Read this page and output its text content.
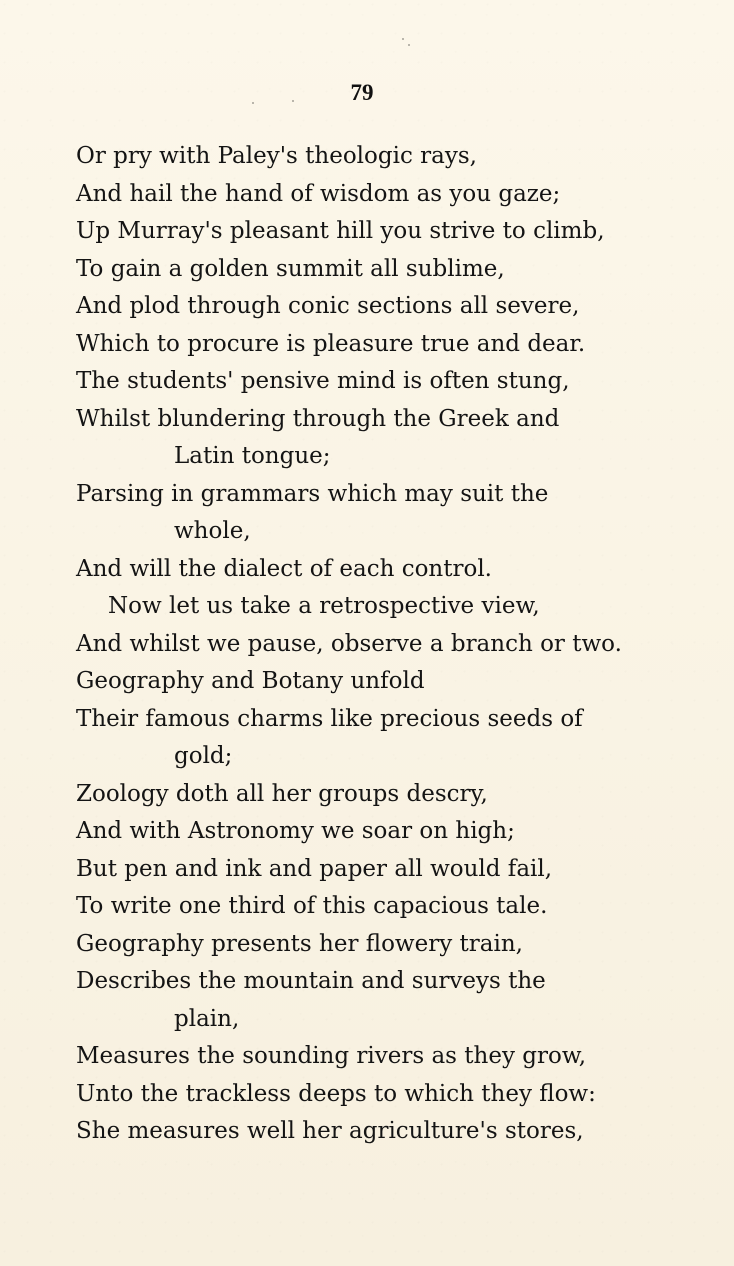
79
Or pry with Paley's theologic rays,
And hail the hand of wisdom as you gaze;
Up Murray's pleasant hill you strive to climb,
To gain a golden summit all sublime,
And plod through conic sections all severe,
Which to procure is pleasure true and dear.
The students' pensive mind is often stung,
Whilst blundering through the Greek and
Latin tongue;
Parsing in grammars which may suit the
whole,
And will the dialect of each control.
Now let us take a retrospective view,
And whilst we pause, observe a branch or two.
Geography and Botany unfold
Their famous charms like precious seeds of
gold;
Zoology doth all her groups descry,
And with Astronomy we soar on high;
But pen and ink and paper all would fail,
To write one third of this capacious tale.
Geography presents her flowery train,
Describes the mountain and surveys the
plain,
Measures the sounding rivers as they grow,
Unto the trackless deeps to which they flow:
She measures well her agriculture's stores,
